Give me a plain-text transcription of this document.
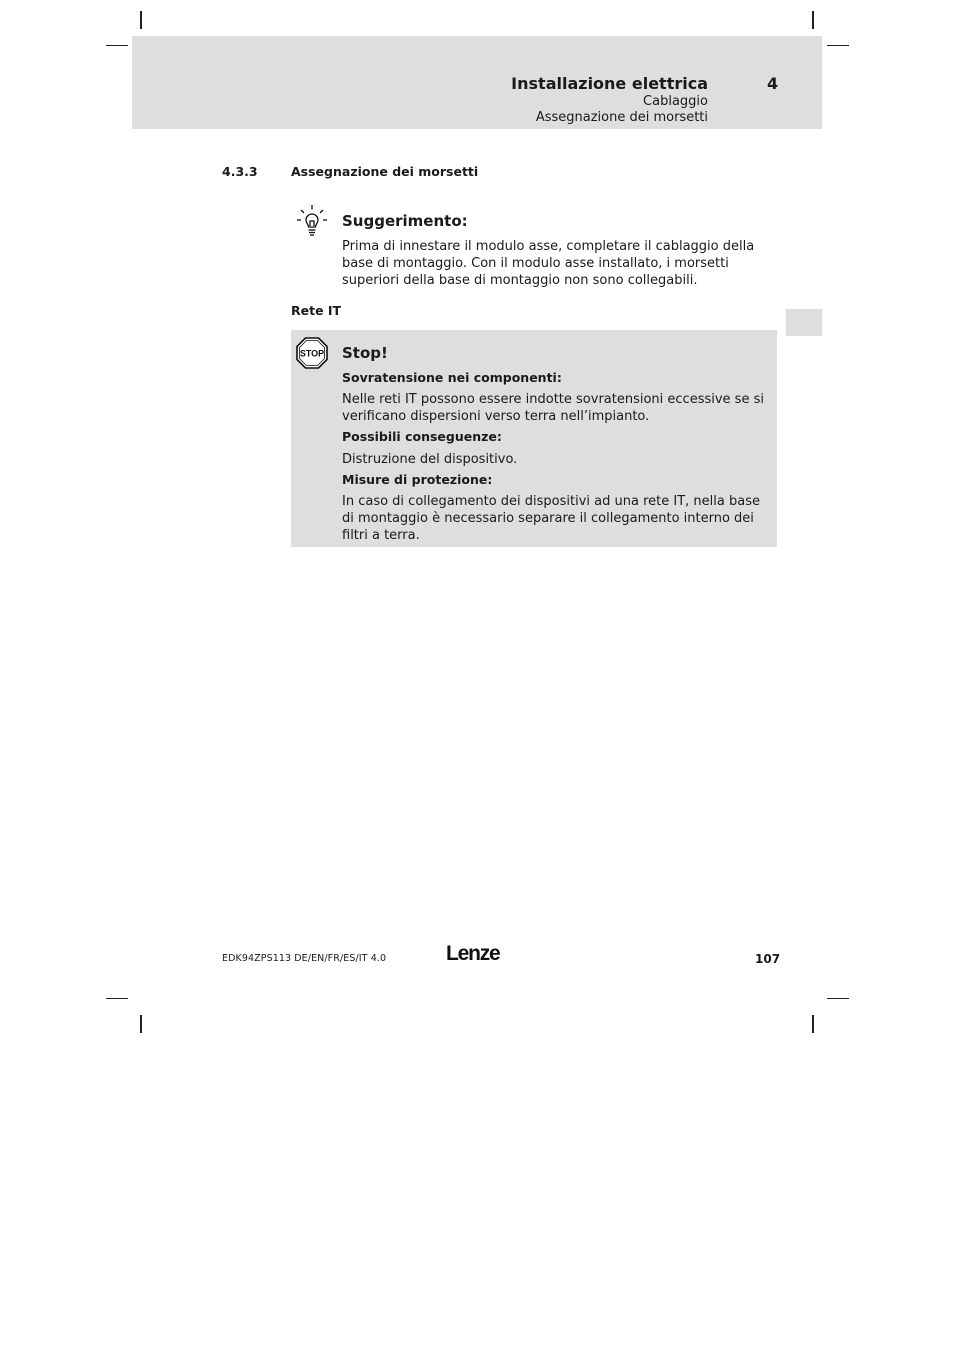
Installazione elettrica	4
Cablaggio
Assegnazione dei morsetti
4.3.3	Assegnazione dei morsetti
Suggerimento:
Prima di innestare il modulo asse, completare il cablaggio della base di montaggio. Con il modulo asse installato, i morsetti superiori della base di montaggio non sono collegabili.
Rete IT
STOP Stop!
Sovratensione nei componenti:
Nelle reti IT possono essere indotte sovratensioni eccessive se si verificano dispersioni verso terra nell’impianto.
Possibili conseguenze:
Distruzione del dispositivo.
Misure di protezione:
In caso di collegamento dei dispositivi ad una rete IT, nella base di montaggio è necessario separare il collegamento interno dei filtri a terra.
EDK94ZPS113 DE/EN/FR/ES/IT 4.0	Lenze	107
